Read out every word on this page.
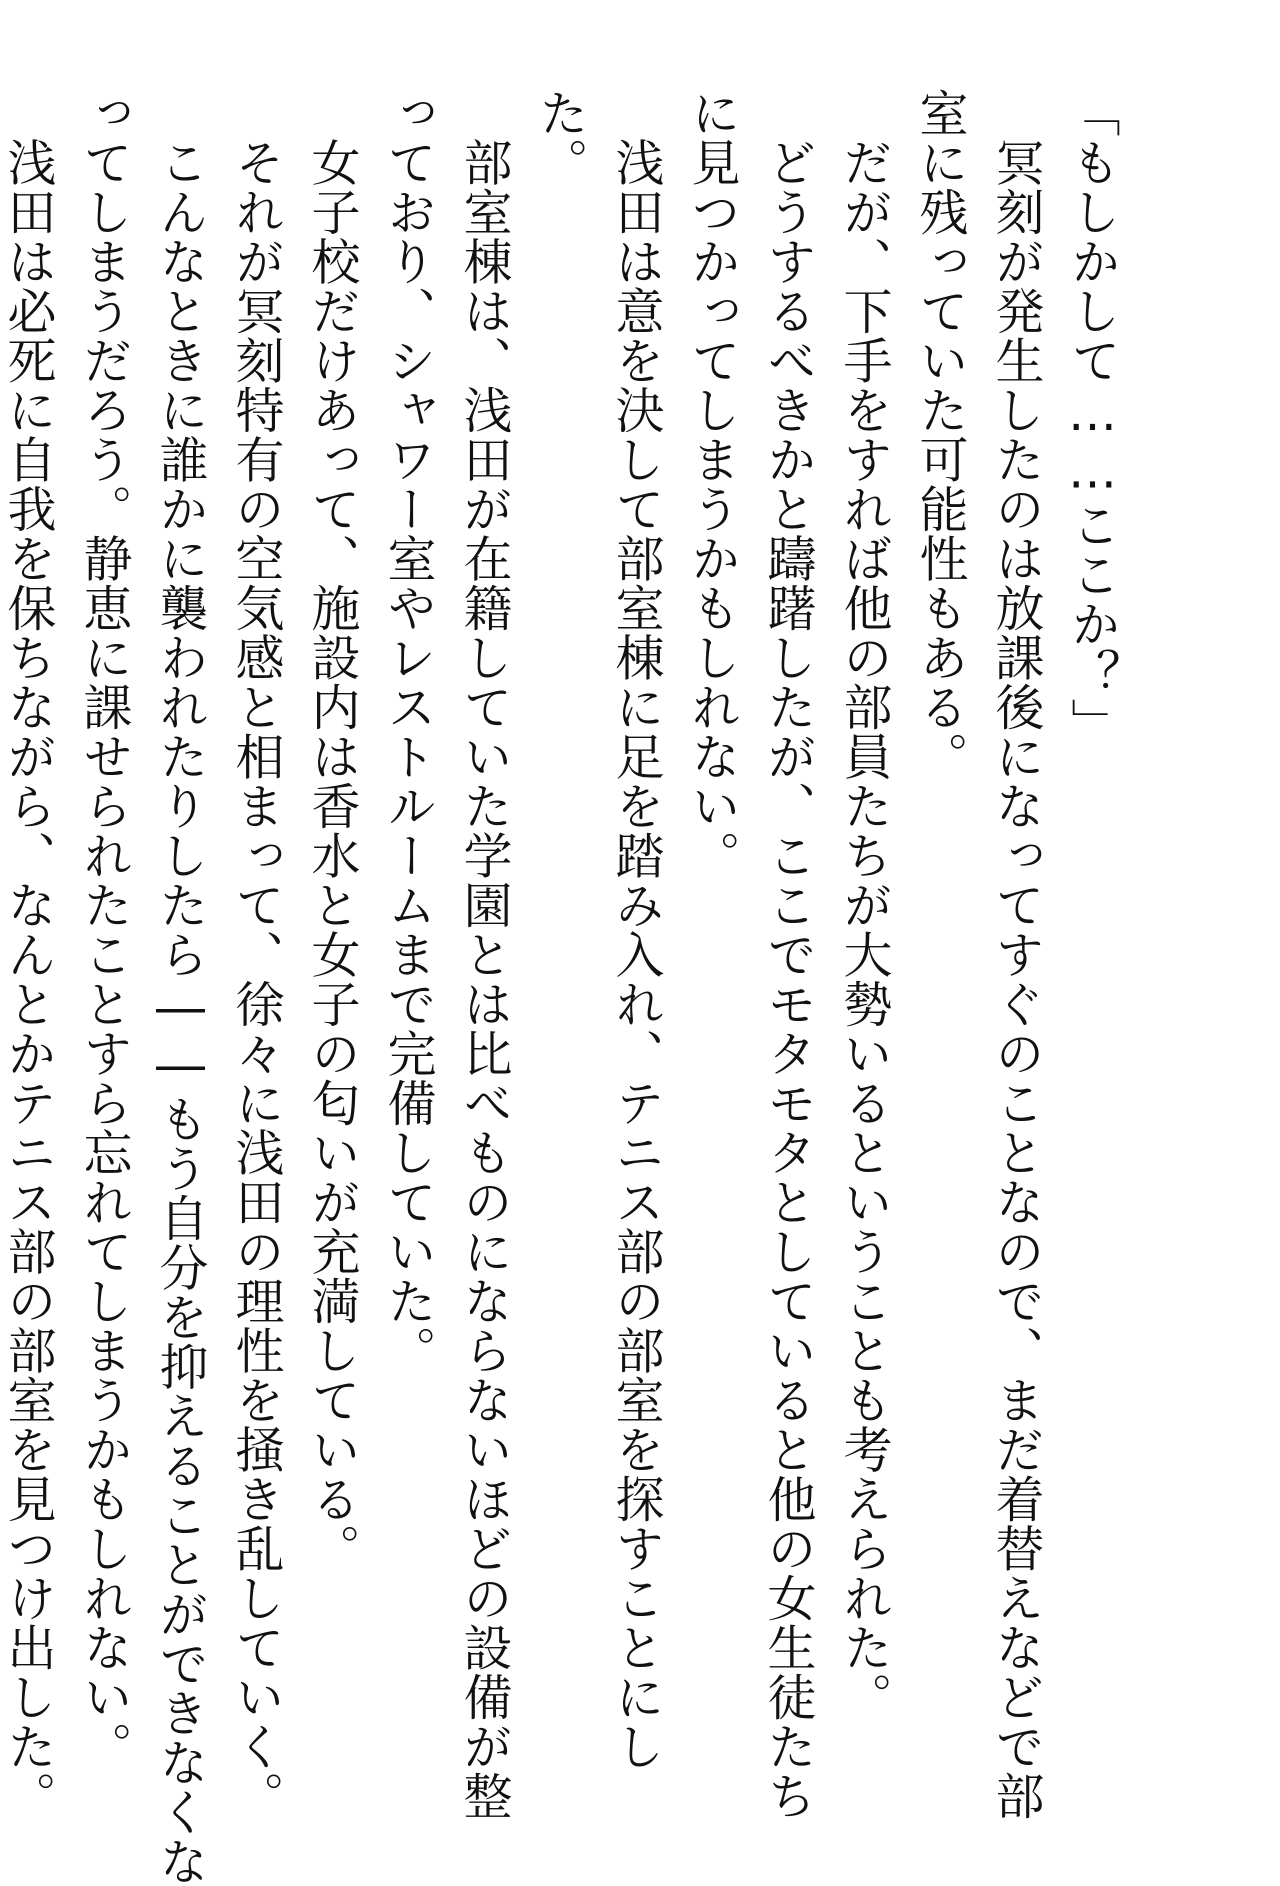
「もしかして……ここか？」

　冥刻が発生したのは放課後になってすぐのことなので、まだ着替えなどで部
室に残っていた可能性もある。

　だが、下手をすれば他の部員たちが大勢いるということも考えられた。

　どうするべきかと躊躇したが、ここでモタモタとしていると他の女生徒たち
に見つかってしまうかもしれない。

　浅田は意を決して部室棟に足を踏み入れ、テニス部の部室を探すことにし
た。

　部室棟は、浅田が在籍していた学園とは比べものにならないほどの設備が整
っており、シャワー室やレストルームまで完備していた。

　女子校だけあって、施設内は香水と女子の匂いが充満している。

　それが冥刻特有の空気感と相まって、徐々に浅田の理性を掻き乱していく。

　こんなときに誰かに襲われたりしたら――もう自分を抑えることができなくな
ってしまうだろう。静恵に課せられたことすら忘れてしまうかもしれない。

　浅田は必死に自我を保ちながら、なんとかテニス部の部室を見つけ出した。
